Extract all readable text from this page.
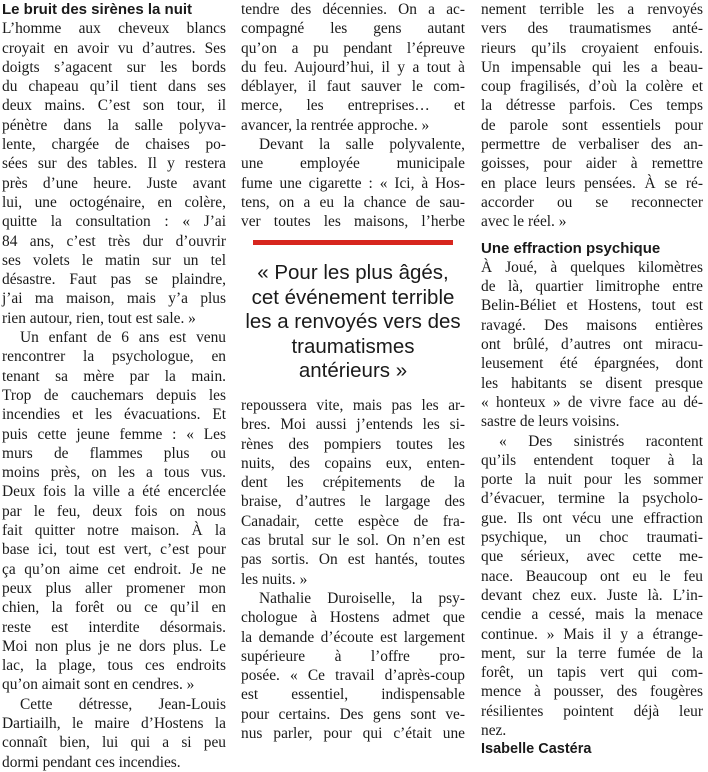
Le bruit des sirènes la nuit
L’homme aux cheveux blancs
croyait en avoir vu d’autres. Ses
doigts s’agacent sur les bords
du chapeau qu’il tient dans ses
deux mains. C’est son tour, il
pénètre dans la salle polyva-
lente, chargée de chaises po-
sées sur des tables. Il y restera
près d’une heure. Juste avant
lui, une octogénaire, en colère,
quitte la consultation : « J’ai
84 ans, c’est très dur d’ouvrir
ses volets le matin sur un tel
désastre. Faut pas se plaindre,
j’ai ma maison, mais y’a plus
rien autour, rien, tout est sale. »
Un enfant de 6 ans est venu
rencontrer la psychologue, en
tenant sa mère par la main.
Trop de cauchemars depuis les
incendies et les évacuations. Et
puis cette jeune femme : « Les
murs de flammes plus ou
moins près, on les a tous vus.
Deux fois la ville a été encerclée
par le feu, deux fois on nous
fait quitter notre maison. À la
base ici, tout est vert, c’est pour
ça qu’on aime cet endroit. Je ne
peux plus aller promener mon
chien, la forêt ou ce qu’il en
reste est interdite désormais.
Moi non plus je ne dors plus. Le
lac, la plage, tous ces endroits
qu’on aimait sont en cendres. »
Cette détresse, Jean-Louis
Dartiailh, le maire d’Hostens la
connaît bien, lui qui a si peu
dormi pendant ces incendies.
tendre des décennies. On a ac-
compagné les gens autant
qu’on a pu pendant l’épreuve
du feu. Aujourd’hui, il y a tout à
déblayer, il faut sauver le com-
merce, les entreprises… et
avancer, la rentrée approche. »
Devant la salle polyvalente,
une employée municipale
fume une cigarette : « Ici, à Hos-
tens, on a eu la chance de sau-
ver toutes les maisons, l’herbe
repoussera vite, mais pas les ar-
bres. Moi aussi j’entends les si-
rènes des pompiers toutes les
nuits, des copains eux, enten-
dent les crépitements de la
braise, d’autres le largage des
Canadair, cette espèce de fra-
cas brutal sur le sol. On n’en est
pas sortis. On est hantés, toutes
les nuits. »
Nathalie Duroiselle, la psy-
chologue à Hostens admet que
la demande d’écoute est largement
supérieure à l’offre pro-
posée. « Ce travail d’après-coup
est essentiel, indispensable
pour certains. Des gens sont ve-
nus parler, pour qui c’était une
« Pour les plus âgés,
cet événement terrible
les a renvoyés vers des
traumatismes
antérieurs »
nement terrible les a renvoyés
vers des traumatismes anté-
rieurs qu’ils croyaient enfouis.
Un impensable qui les a beau-
coup fragilisés, d’où la colère et
la détresse parfois. Ces temps
de parole sont essentiels pour
permettre de verbaliser des an-
goisses, pour aider à remettre
en place leurs pensées. À se ré-
accorder ou se reconnecter
avec le réel. »
Une effraction psychique
À Joué, à quelques kilomètres
de là, quartier limitrophe entre
Belin-Béliet et Hostens, tout est
ravagé. Des maisons entières
ont brûlé, d’autres ont miracu-
leusement été épargnées, dont
les habitants se disent presque
« honteux » de vivre face au dé-
sastre de leurs voisins.
« Des sinistrés racontent
qu’ils entendent toquer à la
porte la nuit pour les sommer
d’évacuer, termine la psycholo-
gue. Ils ont vécu une effraction
psychique, un choc traumati-
que sérieux, avec cette me-
nace. Beaucoup ont eu le feu
devant chez eux. Juste là. L’in-
cendie a cessé, mais la menace
continue. » Mais il y a étrange-
ment, sur la terre fumée de la
forêt, un tapis vert qui com-
mence à pousser, des fougères
résilientes pointent déjà leur
nez.
Isabelle Castéra
